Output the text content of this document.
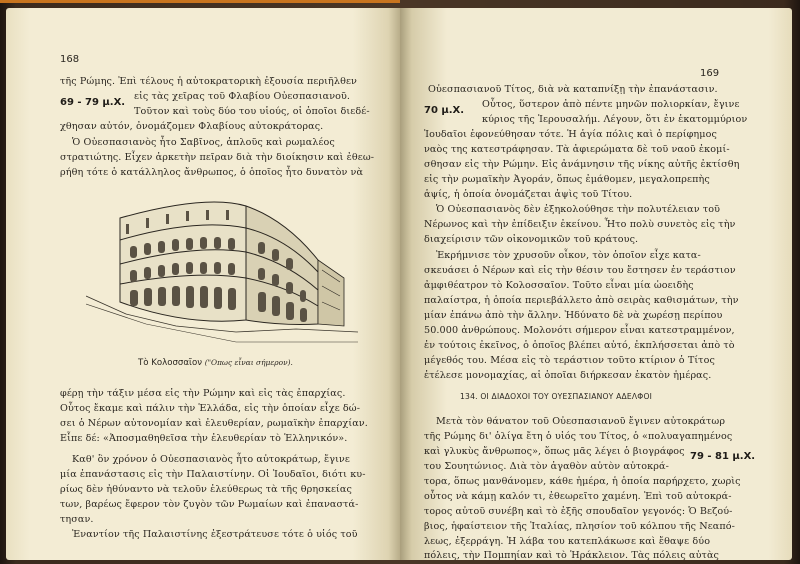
168
τῆς Ρώμης. Ἐπὶ τέλους ἡ αὐτοκρατορικὴ ἐξουσία περιῆλθεν
εἰς τὰς χεῖρας τοῦ Φλαβίου Οὐεσπασιανοῦ.
69 - 79 μ.Χ.
Τοῦτον καὶ τοὺς δύο του υἱούς, οἱ ὁποῖοι διεδέ-
χθησαν αὐτόν, ὀνομάζομεν Φλαβίους αὐτοκράτορας.
Ὁ Οὐεσπασιανὸς ἦτο Σαβῖνος, ἁπλοῦς καὶ ρωμαλέος
στρατιώτης. Εἶχεν ἀρκετὴν πεῖραν διὰ τὴν διοίκησιν καὶ ἐθεω-
ρήθη τότε ὁ κατάλληλος ἄνθρωπος, ὁ ὁποῖος ἦτο δυνατὸν νὰ
Τὸ Κολοσσαῖον ("Οπως εἶναι σήμερον).
φέρῃ τὴν τάξιν μέσα εἰς τὴν Ρώμην καὶ εἰς τὰς ἐπαρχίας.
Οὗτος ἔκαμε καὶ πάλιν τὴν Ἑλλάδα, εἰς τὴν ὁποίαν εἶχε δώ-
σει ὁ Νέρων αὐτονομίαν καὶ ἐλευθερίαν, ρωμαϊκὴν ἐπαρχίαν.
Εἶπε δέ: «Ἀποσμαθηθεῖσα τὴν ἐλευθερίαν τὸ Ἑλληνικόν».
Καθ' ὃν χρόνον ὁ Οὐεσπασιανὸς ἦτο αὐτοκράτωρ, ἔγινε
μία ἐπανάστασις εἰς τὴν Παλαιστίνην. Οἱ Ἰουδαῖοι, διότι κυ-
ρίως δὲν ἠθύναντο νὰ τελοῦν ἐλεύθερως τὰ τῆς θρησκείας
των, βαρέως ἔφερον τὸν ζυγὸν τῶν Ρωμαίων καὶ ἐπαναστά-
τησαν.
Ἐναντίον τῆς Παλαιστίνης ἐξεστράτευσε τότε ὁ υἱός τοῦ
169
Οὐεσπασιανοῦ Τίτος, διὰ νὰ καταπνίξῃ τὴν ἐπανάστασιν.
Οὗτος, ὕστερον ἀπὸ πέντε μηνῶν πολιορκίαν, ἔγινε
70 μ.Χ.
κύριος τῆς Ἱερουσαλήμ. Λέγουν, ὅτι ἐν ἑκατομμύριον
Ἰουδαῖοι ἐφονεύθησαν τότε. Ἡ ἁγία πόλις καὶ ὁ περίφημος
ναὸς της κατεστράφησαν. Τὰ ἀφιερώματα δὲ τοῦ ναοῦ ἐκομί-
σθησαν εἰς τὴν Ρώμην. Εἰς ἀνάμνησιν τῆς νίκης αὐτῆς ἐκτίσθη
εἰς τὴν ρωμαϊκὴν Ἀγοράν, ὅπως ἐμάθομεν, μεγαλοπρεπὴς
ἁψίς, ἡ ὁποία ὀνομάζεται ἁψὶς τοῦ Τίτου.
Ὁ Οὐεσπασιανὸς δὲν ἐξηκολούθησε τὴν πολυτέλειαν τοῦ
Νέρωνος καὶ τὴν ἐπίδειξιν ἐκείνου. Ἦτο πολὺ συνετὸς εἰς τὴν
διαχείρισιν τῶν οἰκονομικῶν τοῦ κράτους.
Ἐκρήμνισε τὸν χρυσοῦν οἶκον, τὸν ὁποῖον εἶχε κατα-
σκευάσει ὁ Νέρων καὶ εἰς τὴν θέσιν του ἔστησεν ἐν τεράστιον
ἀμφιθέατρον τὸ Κολοσσαῖον. Τοῦτο εἶναι μία ὡοειδὴς
παλαίστρα, ἡ ὁποία περιεβάλλετο ἀπὸ σειρὰς καθισμάτων, τὴν
μίαν ἐπάνω ἀπὸ τὴν ἄλλην. Ἠδύνατο δὲ νὰ χωρέσῃ περίπου
50.000 ἀνθρώπους. Μολονότι σήμερον εἶναι κατεστραμμένον,
ἐν τούτοις ἐκεῖνος, ὁ ὁποῖος βλέπει αὐτό, ἐκπλήσσεται ἀπὸ τὸ
μέγεθός του. Μέσα εἰς τὸ τεράστιον τοῦτο κτίριον ὁ Τίτος
ἐτέλεσε μονομαχίας, αἱ ὁποῖαι διήρκεσαν ἑκατὸν ἡμέρας.
134. ΟΙ ΔΙΑΔΟΧΟΙ ΤΟΥ ΟΥΕΣΠΑΣΙΑΝΟΥ ΑΔΕΛΦΟΙ
Μετὰ τὸν θάνατον τοῦ Οὐεσπασιανοῦ ἔγινεν αὐτοκράτωρ
τῆς Ρώμης δι' ὀλίγα ἔτη ὁ υἱός του Τίτος, ὁ «πολυαγαπημένος
καὶ γλυκὺς ἄνθρωπος», ὅπως μᾶς λέγει ὁ βιογράφος
του Σουητώνιος. Διὰ τὸν ἀγαθὸν αὐτὸν αὐτοκρά-
79 - 81 μ.Χ.
τορα, ὅπως μανθάνομεν, κάθε ἡμέρα, ἡ ὁποία παρήρχετο, χωρὶς
οὗτος νὰ κάμῃ καλόν τι, ἐθεωρεῖτο χαμένη. Ἐπὶ τοῦ αὐτοκρά-
τορος αὐτοῦ συνέβη καὶ τὸ ἑξῆς σπουδαῖον γεγονός: Ὁ Βεζού-
βιος, ἡφαίστειον τῆς Ἰταλίας, πλησίον τοῦ κόλπου τῆς Νεαπό-
λεως, ἐξερράγη. Ἡ λάβα του κατεπλάκωσε καὶ ἔθαψε δύο
πόλεις, τὴν Πομπηίαν καὶ τὸ Ἡράκλειον. Τὰς πόλεις αὐτὰς
